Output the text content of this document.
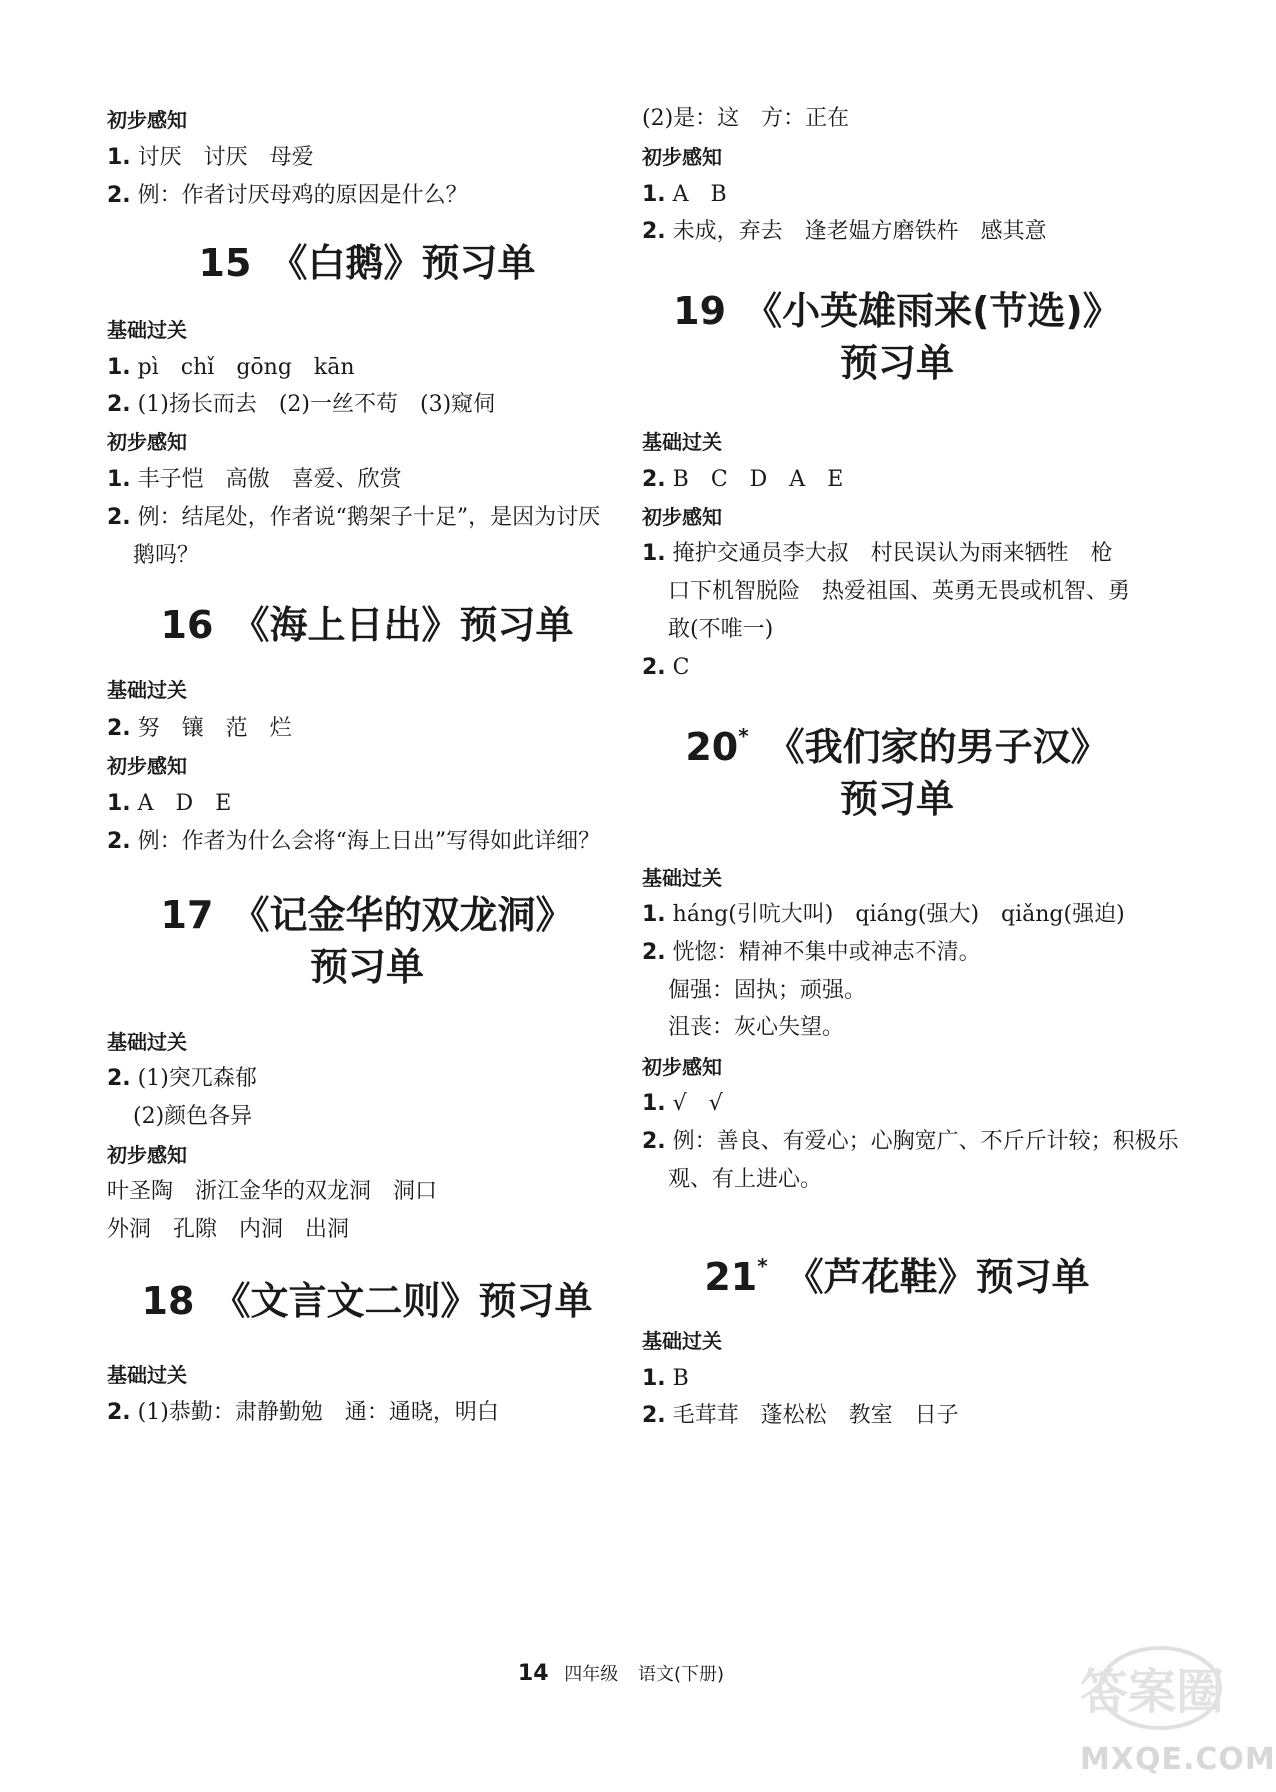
初步感知
1. 讨厌　讨厌　母爱
2. 例：作者讨厌母鸡的原因是什么？
15 《白鹅》预习单
基础过关
1. pì　chǐ　gōng　kān
2. (1)扬长而去　(2)一丝不苟　(3)窥伺
初步感知
1. 丰子恺　高傲　喜爱、欣赏
2. 例：结尾处，作者说“鹅架子十足”，是因为讨厌
鹅吗？
16 《海上日出》预习单
基础过关
2. 努　镶　范　烂
初步感知
1. A　D　E
2. 例：作者为什么会将“海上日出”写得如此详细？
17 《记金华的双龙洞》
预习单
基础过关
2. (1)突兀森郁
(2)颜色各异
初步感知
叶圣陶　浙江金华的双龙洞　洞口
外洞　孔隙　内洞　出洞
18 《文言文二则》预习单
基础过关
2. (1)恭勤：肃静勤勉　通：通晓，明白
(2)是：这　方：正在
初步感知
1. A　B
2. 未成，弃去　逢老媪方磨铁杵　感其意
19 《小英雄雨来(节选)》
预习单
基础过关
2. B　C　D　A　E
初步感知
1. 掩护交通员李大叔　村民误认为雨来牺牲　枪
口下机智脱险　热爱祖国、英勇无畏或机智、勇
敢(不唯一)
2. C
20* 《我们家的男子汉》
预习单
基础过关
1. háng(引吭大叫)　qiáng(强大)　qiǎng(强迫)
2. 恍惚：精神不集中或神志不清。
倔强：固执；顽强。
沮丧：灰心失望。
初步感知
1. √　√
2. 例：善良、有爱心；心胸宽广、不斤斤计较；积极乐
观、有上进心。
21* 《芦花鞋》预习单
基础过关
1. B
2. 毛茸茸　蓬松松　教室　日子
14 四年级 语文(下册)	答案圈
MXQE.COM
